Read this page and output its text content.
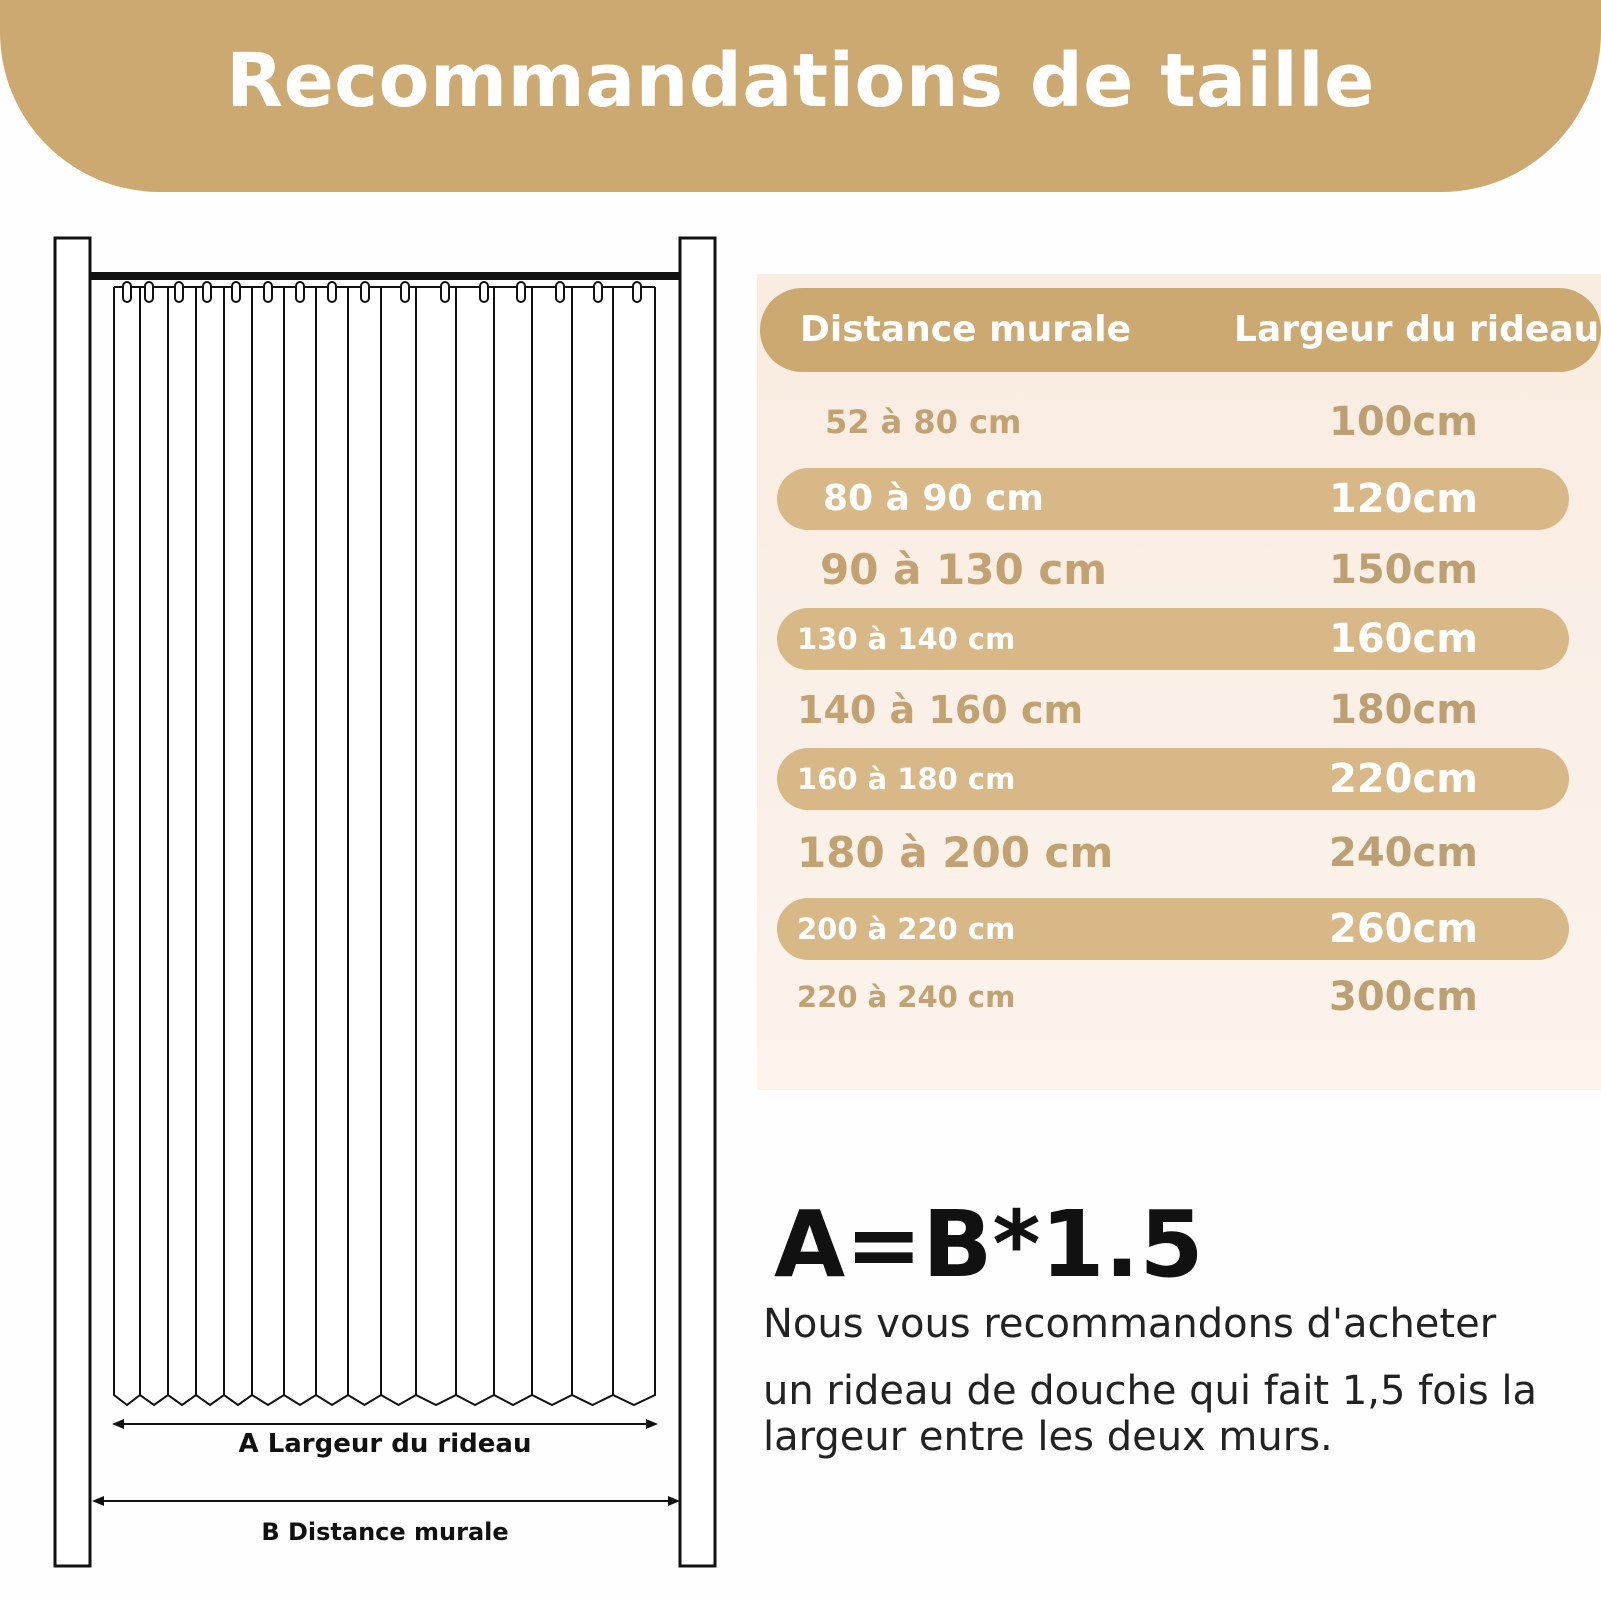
Recommandations de taille
A Largeur du rideau
B Distance murale
Distance murale	Largeur du rideau
52 à 80 cm	100cm
80 à 90 cm	120cm
90 à 130 cm	150cm
130 à 140 cm	160cm
140 à 160 cm	180cm
160 à 180 cm	220cm
180 à 200 cm	240cm
200 à 220 cm	260cm
220 à 240 cm	300cm
A=B*1.5
Nous vous recommandons d'acheter
un rideau de douche qui fait 1,5 fois la
largeur entre les deux murs.
